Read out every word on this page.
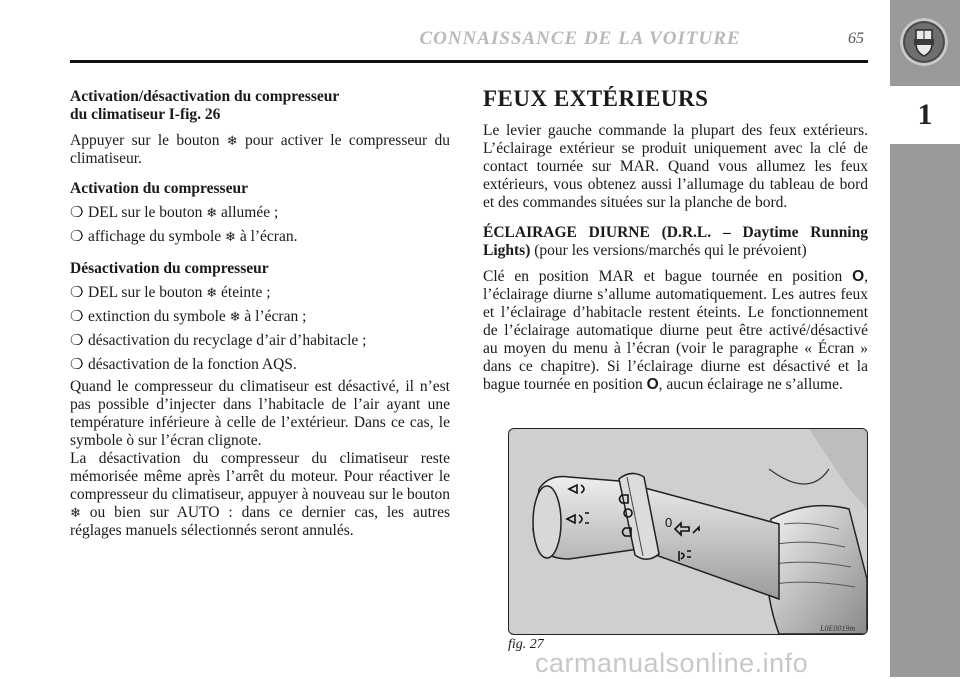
CONNAISSANCE DE LA VOITURE	65
1
Activation/désactivation du compresseur
du climatiseur I-fig. 26

Appuyer sur le bouton ❄ pour activer le compresseur du climatiseur.

Activation du compresseur
❍ DEL sur le bouton ❄ allumée ;
❍ affichage du symbole ❄ à l’écran.
Désactivation du compresseur
❍ DEL sur le bouton ❄ éteinte ;
❍ extinction du symbole ❄ à l’écran ;
❍ désactivation du recyclage d’air d’habitacle ;
❍ désactivation de la fonction AQS.

Quand le compresseur du climatiseur est désactivé, il n’est pas possible d’injecter dans l’habitacle de l’air ayant une température inférieure à celle de l’extérieur. Dans ce cas, le symbole ò sur l’écran clignote.

La désactivation du compresseur du climatiseur reste mémorisée même après l’arrêt du moteur. Pour réactiver le compresseur du climatiseur, appuyer à nouveau sur le bouton ❄ ou bien sur AUTO : dans ce dernier cas, les autres réglages manuels sélectionnés seront annulés.

FEUX EXTÉRIEURS

Le levier gauche commande la plupart des feux extérieurs. L’éclairage extérieur se produit uniquement avec la clé de contact tournée sur MAR. Quand vous allumez les feux extérieurs, vous obtenez aussi l’allumage du tableau de bord et des commandes situées sur la planche de bord.

ÉCLAIRAGE DIURNE (D.R.L. – Daytime Running Lights) (pour les versions/marchés qui le prévoient)

Clé en position MAR et bague tournée en position O, l’éclairage diurne s’allume automatiquement. Les autres feux et l’éclairage d’habitacle restent éteints. Le fonctionnement de l’éclairage automatique diurne peut être activé/désactivé au moyen du menu à l’écran (voir le paragraphe « Écran » dans ce chapitre). Si l’éclairage diurne est désactivé et la bague tournée en position O, aucun éclairage ne s’allume.

0
fig. 27
L0E0019m
carmanualsonline.info
